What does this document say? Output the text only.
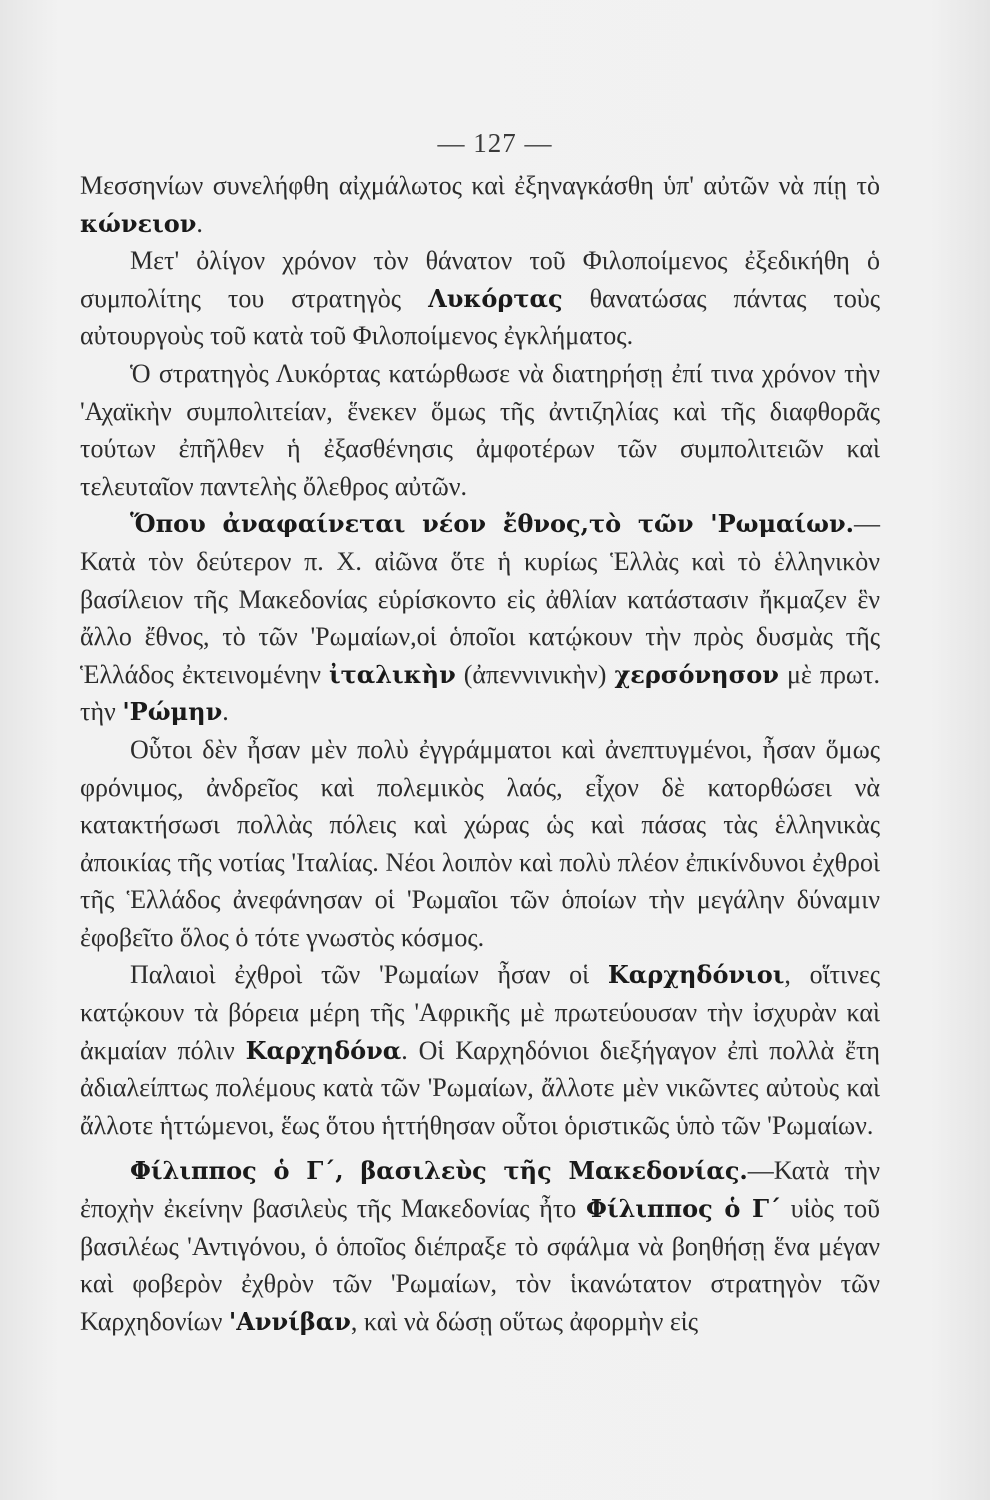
— 127 —

Μεσσηνίων συνελήφθη αἰχμάλωτος καὶ ἐξηναγκάσθη ὑπ' αὐτῶν νὰ πίῃ τὸ κώνειον.

Μετ' ὀλίγον χρόνον τὸν θάνατον τοῦ Φιλοποίμενος ἐξεδικήθη ὁ συμπολίτης του στρατηγὸς Λυκόρτας θανατώσας πάντας τοὺς αὐτουργοὺς τοῦ κατὰ τοῦ Φιλοποίμενος ἐγκλήματος.

Ὁ στρατηγὸς Λυκόρτας κατώρθωσε νὰ διατηρήσῃ ἐπί τινα χρόνον τὴν 'Αχαϊκὴν συμπολιτείαν, ἕνεκεν ὅμως τῆς ἀντιζηλίας καὶ τῆς διαφθορᾶς τούτων ἐπῆλθεν ἡ ἐξασθένησις ἀμφοτέρων τῶν συμπολιτειῶν καὶ τελευταῖον παντελὴς ὄλεθρος αὐτῶν.

Ὅπου ἀναφαίνεται νέον ἔθνος,τὸ τῶν 'Ρωμαίων.— Κατὰ τὸν δεύτερον π. Χ. αἰῶνα ὅτε ἡ κυρίως Ἑλλὰς καὶ τὸ ἑλληνικὸν βασίλειον τῆς Μακεδονίας εὑρίσκοντο εἰς ἀθλίαν κατάστασιν ἤκμαζεν ἓν ἄλλο ἔθνος, τὸ τῶν 'Ρωμαίων,οἱ ὁποῖοι κατῴκουν τὴν πρὸς δυσμὰς τῆς Ἑλλάδος ἐκτεινομένην ἰταλικὴν (ἀπεννινικὴν) χερσόνησον μὲ πρωτ. τὴν 'Ρώμην.

Οὗτοι δὲν ἦσαν μὲν πολὺ ἐγγράμματοι καὶ ἀνεπτυγμένοι, ἦσαν ὅμως φρόνιμος, ἀνδρεῖος καὶ πολεμικὸς λαός, εἶχον δὲ κατορθώσει νὰ κατακτήσωσι πολλὰς πόλεις καὶ χώρας ὡς καὶ πάσας τὰς ἑλληνικὰς ἀποικίας τῆς νοτίας 'Ιταλίας. Νέοι λοιπὸν καὶ πολὺ πλέον ἐπικίνδυνοι ἐχθροὶ τῆς Ἑλλάδος ἀνεφάνησαν οἱ 'Ρωμαῖοι τῶν ὁποίων τὴν μεγάλην δύναμιν ἐφοβεῖτο ὅλος ὁ τότε γνωστὸς κόσμος.

Παλαιοὶ ἐχθροὶ τῶν 'Ρωμαίων ἦσαν οἱ Καρχηδόνιοι, οἵτινες κατῴκουν τὰ βόρεια μέρη τῆς 'Αφρικῆς μὲ πρωτεύουσαν τὴν ἰσχυρὰν καὶ ἀκμαίαν πόλιν Καρχηδόνα. Οἱ Καρχηδόνιοι διεξήγαγον ἐπὶ πολλὰ ἔτη ἀδιαλείπτως πολέμους κατὰ τῶν 'Ρωμαίων, ἄλλοτε μὲν νικῶντες αὐτοὺς καὶ ἄλλοτε ἡττώμενοι, ἕως ὅτου ἡττήθησαν οὗτοι ὁριστικῶς ὑπὸ τῶν 'Ρωμαίων.

Φίλιππος ὁ Γ΄, βασιλεὺς τῆς Μακεδονίας.—Κατὰ τὴν ἐποχὴν ἐκείνην βασιλεὺς τῆς Μακεδονίας ἦτο Φίλιππος ὁ Γ΄ υἱὸς τοῦ βασιλέως 'Αντιγόνου, ὁ ὁποῖος διέπραξε τὸ σφάλμα νὰ βοηθήσῃ ἕνα μέγαν καὶ φοβερὸν ἐχθρὸν τῶν 'Ρωμαίων, τὸν ἱκανώτατον στρατηγὸν τῶν Καρχηδονίων 'Αννίβαν, καὶ νὰ δώσῃ οὕτως ἀφορμὴν εἰς
